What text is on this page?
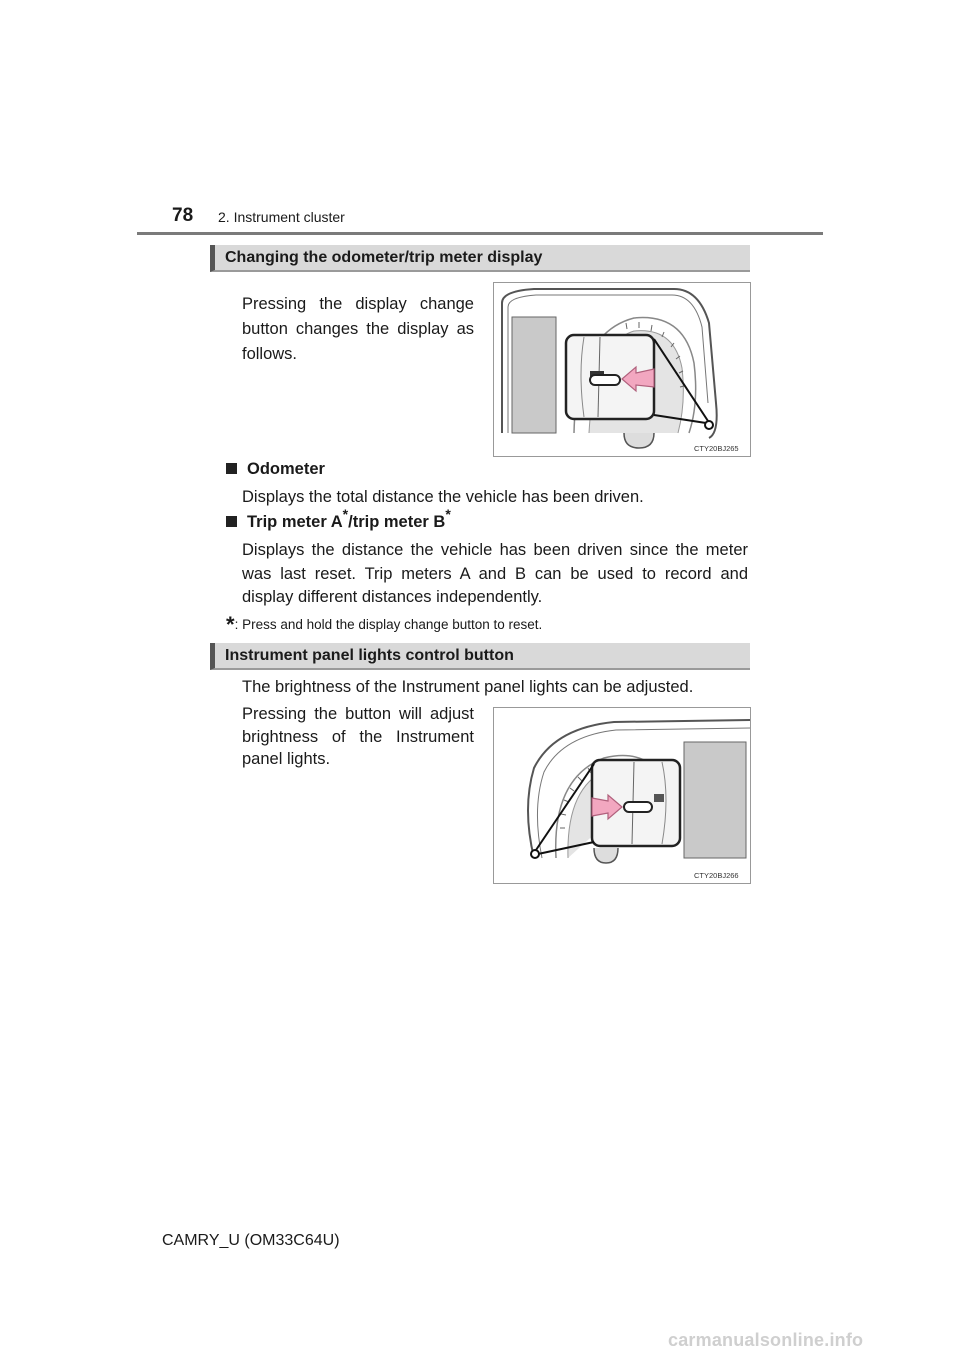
78 2. Instrument cluster
Changing the odometer/trip meter display
Pressing the display change button changes the display as follows.
CTY20BJ265
Odometer
Displays the total distance the vehicle has been driven.
Trip meter A*/trip meter B*
Displays the distance the vehicle has been driven since the meter was last reset. Trip meters A and B can be used to record and display different distances independently.
*: Press and hold the display change button to reset.
Instrument panel lights control button
The brightness of the Instrument panel lights can be adjusted.
Pressing the button will adjust brightness of the Instrument panel lights.
CTY20BJ266
CAMRY_U (OM33C64U)
carmanualsonline.info
